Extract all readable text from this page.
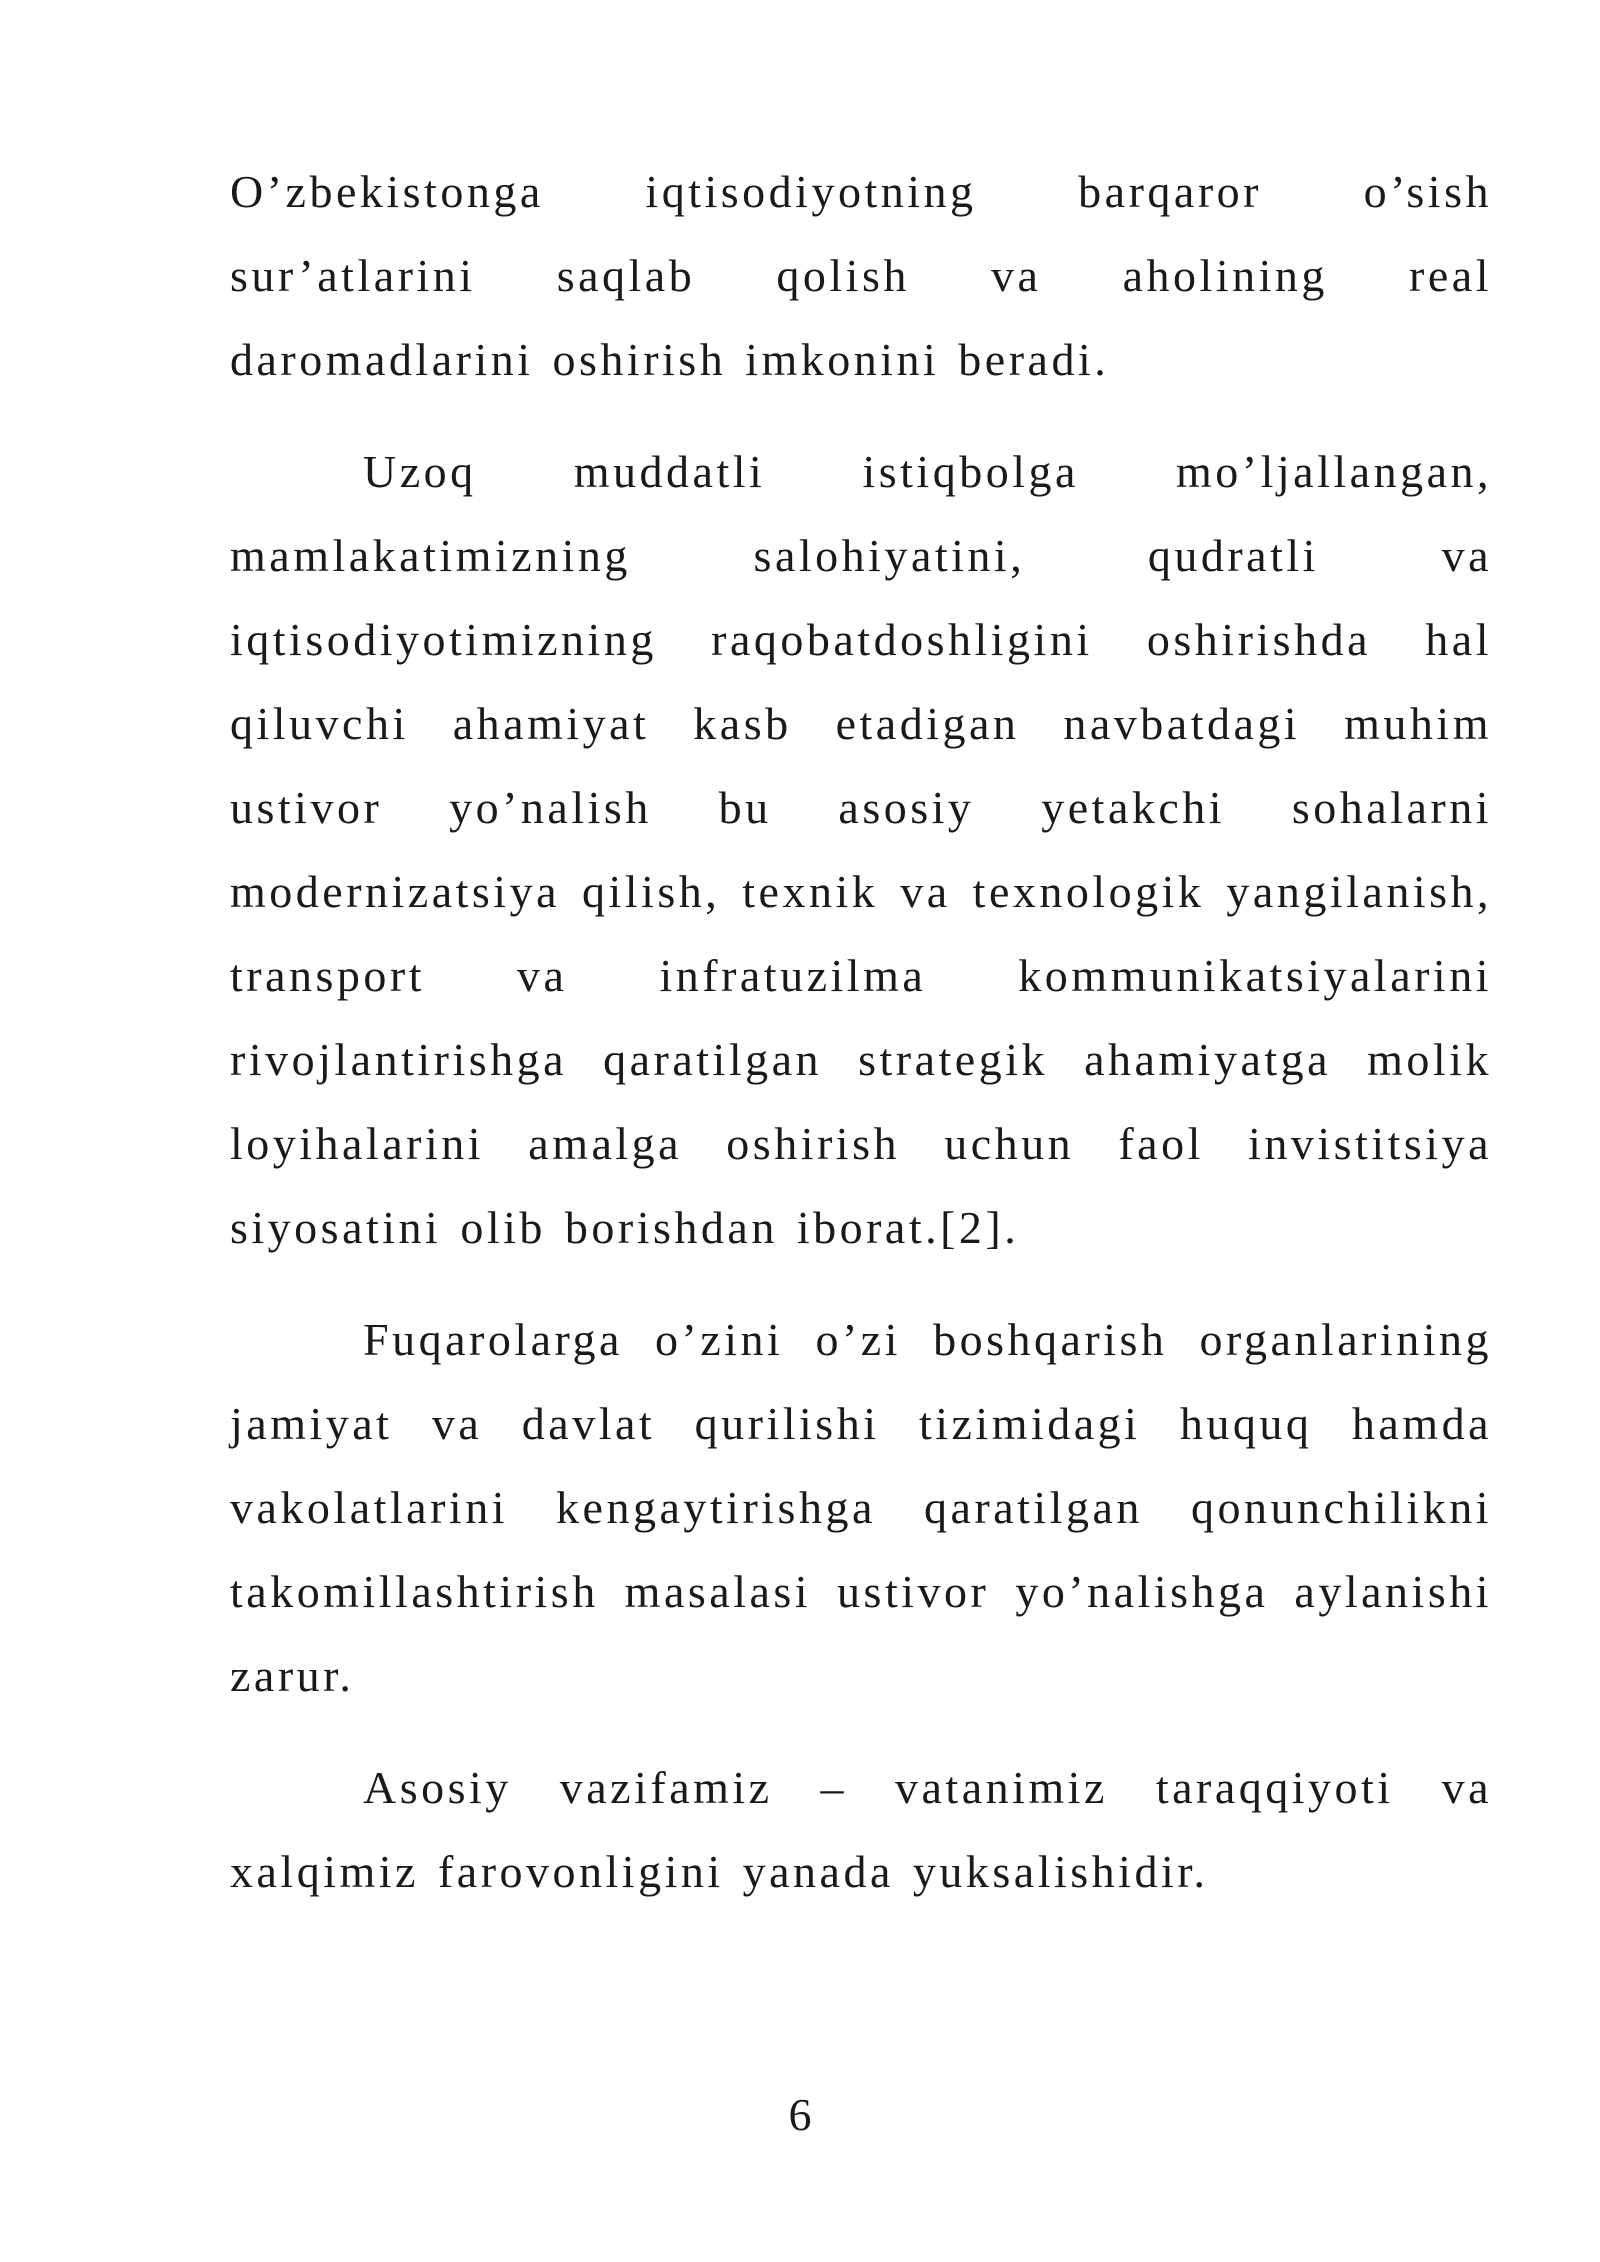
O’zbekistonga iqtisodiyotning barqaror o’sish sur’atlarini saqlab qolish va aholining real daromadlarini oshirish imkonini beradi.

Uzoq muddatli istiqbolga mo’ljallangan, mamlakatimizning salohiyatini, qudratli va iqtisodiyotimizning raqobatdoshligini oshirishda hal qiluvchi ahamiyat kasb etadigan navbatdagi muhim ustivor yo’nalish bu asosiy yetakchi sohalarni modernizatsiya qilish, texnik va texnologik yangilanish, transport va infratuzilma kommunikatsiyalarini rivojlantirishga qaratilgan strategik ahamiyatga molik loyihalarini amalga oshirish uchun faol invistitsiya siyosatini olib borishdan iborat.[2].

Fuqarolarga o’zini o’zi boshqarish organlarining jamiyat va davlat qurilishi tizimidagi huquq hamda vakolatlarini kengaytirishga qaratilgan qonunchilikni takomillashtirish masalasi ustivor yo’nalishga aylanishi zarur.

Asosiy vazifamiz – vatanimiz taraqqiyoti va xalqimiz farovonligini yanada yuksalishidir.

6
